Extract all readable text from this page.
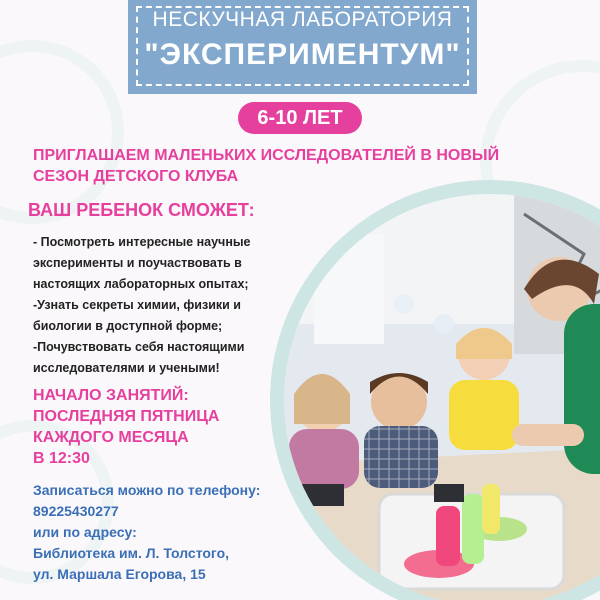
НЕСКУЧНАЯ ЛАБОРАТОРИЯ
"ЭКСПЕРИМЕНТУМ"
6-10 ЛЕТ
ПРИГЛАШАЕМ МАЛЕНЬКИХ ИССЛЕДОВАТЕЛЕЙ В НОВЫЙ
СЕЗОН ДЕТСКОГО КЛУБА
ВАШ РЕБЕНОК СМОЖЕТ:
- Посмотреть интересные научные
эксперименты и поучаствовать в
настоящих лабораторных опытах;
-Узнать секреты химии, физики и
биологии в доступной форме;
-Почувствовать себя настоящими
исследователями и учеными!
НАЧАЛО ЗАНЯТИЙ:
ПОСЛЕДНЯЯ ПЯТНИЦА
КАЖДОГО МЕСЯЦА
В 12:30
Записаться можно по телефону:
89225430277
или по адресу:
Библиотека им. Л. Толстого,
ул. Маршала Егорова, 15
